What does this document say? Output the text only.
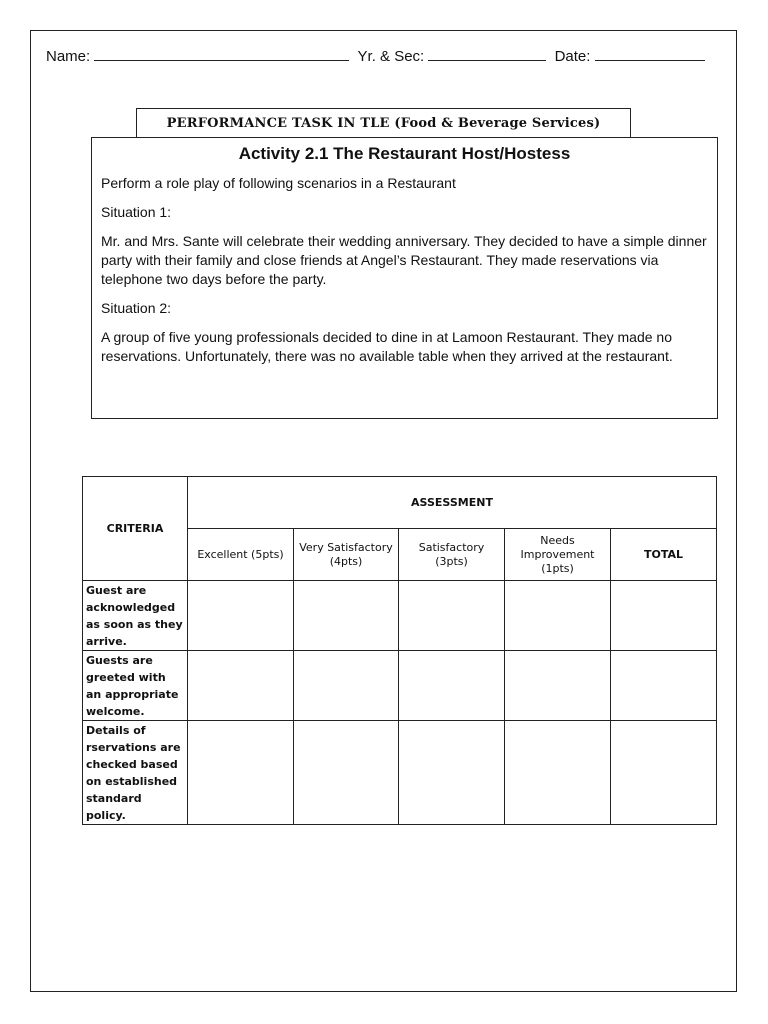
Name:	Yr. & Sec:	Date:
PERFORMANCE TASK IN TLE (Food & Beverage Services)
Activity 2.1 The Restaurant Host/Hostess

Perform a role play of following scenarios in a Restaurant

Situation 1:

Mr. and Mrs. Sante will celebrate their wedding anniversary. They decided to have a simple dinner party with their family and close friends at Angel’s Restaurant. They made reservations via telephone two days before the party.

Situation 2:

A group of five young professionals decided to dine in at Lamoon Restaurant. They made no reservations. Unfortunately, there was no available table when they arrived at the restaurant.

CRITERIA	ASSESSMENT				
	Excellent (5pts)	Very Satisfactory (4pts)	Satisfactory (3pts)	Needs Improvement (1pts)	TOTAL
Guest are acknowledged as soon as they arrive.					
Guests are greeted with an appropriate welcome.					
Details of rservations are checked based on established standard policy.					
